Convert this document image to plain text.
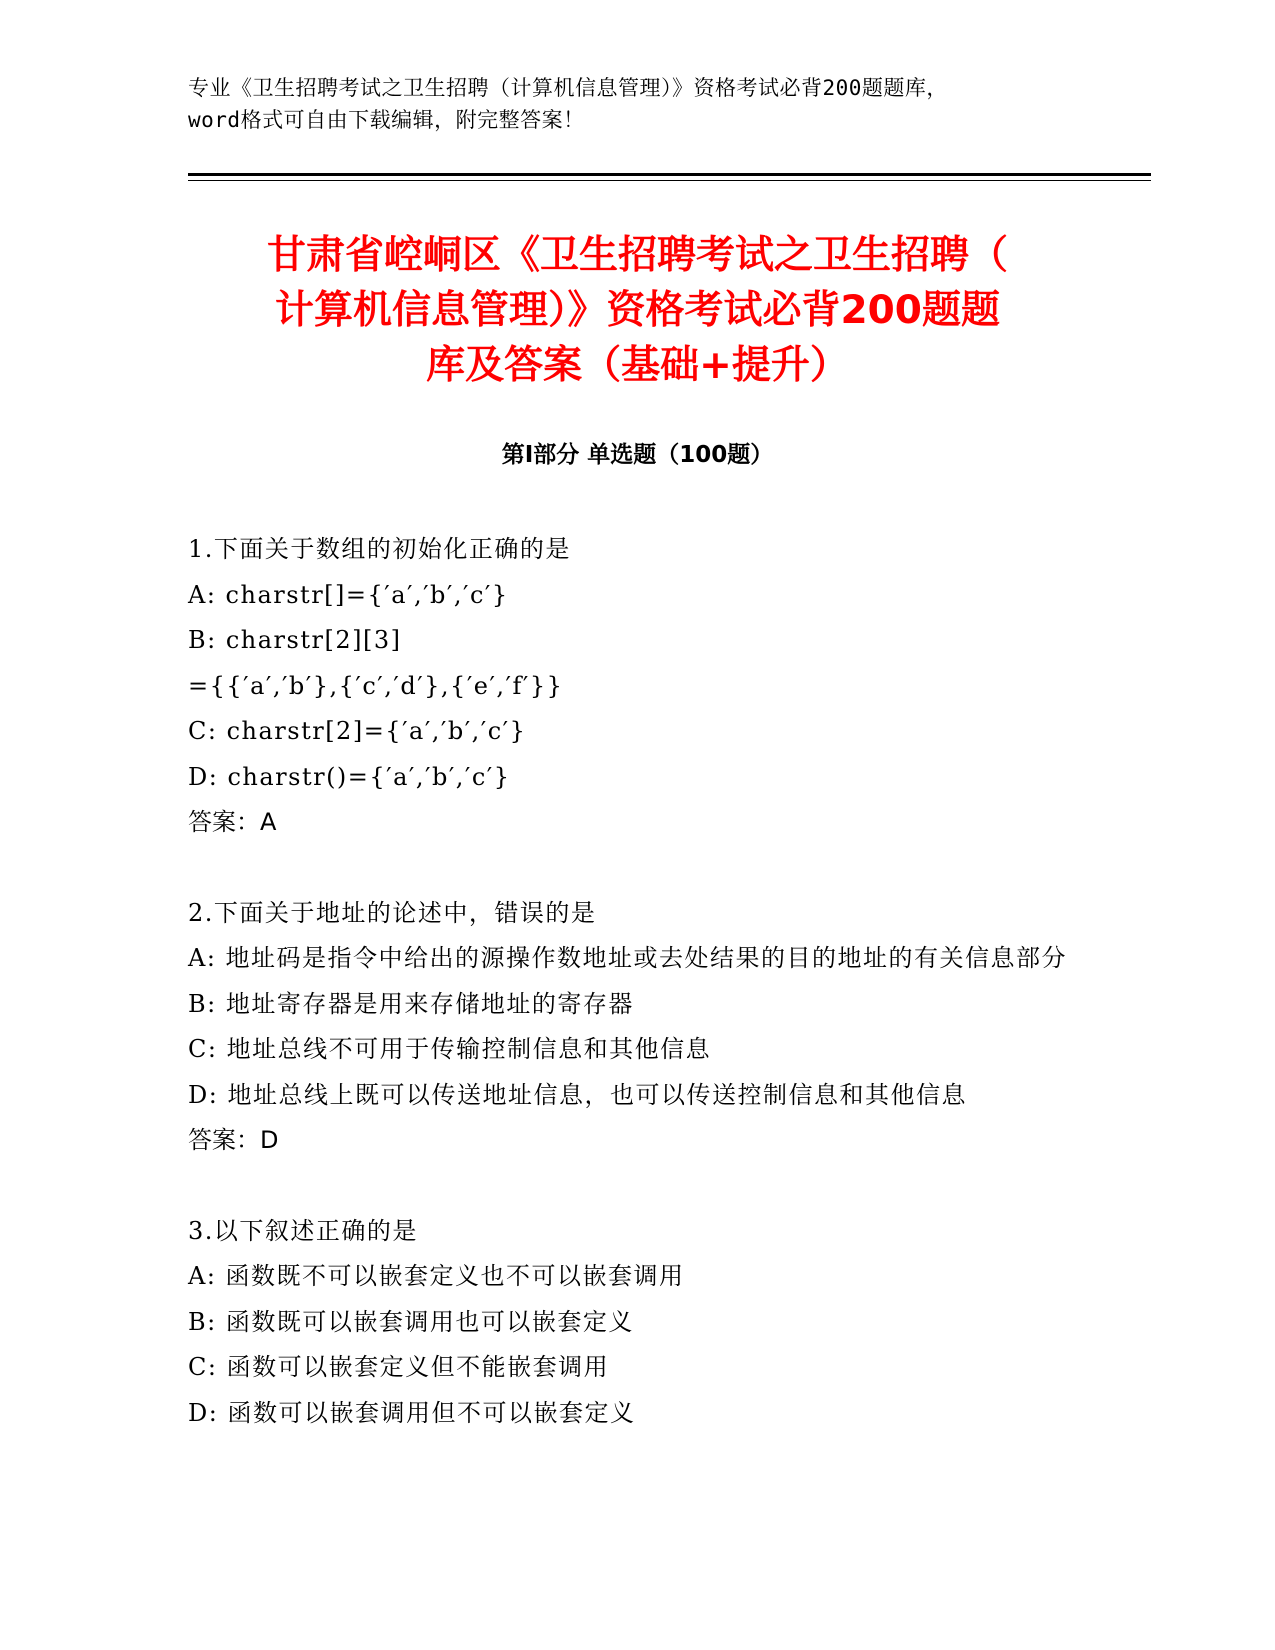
专业《卫生招聘考试之卫生招聘（计算机信息管理）》资格考试必背200题题库，
word格式可自由下载编辑，附完整答案！
甘肃省崆峒区《卫生招聘考试之卫生招聘（
计算机信息管理）》资格考试必背200题题
库及答案（基础+提升）
第Ⅰ部分 单选题（100题）
1.下面关于数组的初始化正确的是
A: charstr[]={′a′,′b′,′c′}
B: charstr[2][3]
={{′a′,′b′},{′c′,′d′},{′e′,′f′}}
C: charstr[2]={′a′,′b′,′c′}
D: charstr()={′a′,′b′,′c′}
答案：A
2.下面关于地址的论述中，错误的是
A: 地址码是指令中给出的源操作数地址或去处结果的目的地址的有关信息部分
B: 地址寄存器是用来存储地址的寄存器
C: 地址总线不可用于传输控制信息和其他信息
D: 地址总线上既可以传送地址信息，也可以传送控制信息和其他信息
答案：D
3.以下叙述正确的是
A: 函数既不可以嵌套定义也不可以嵌套调用
B: 函数既可以嵌套调用也可以嵌套定义
C: 函数可以嵌套定义但不能嵌套调用
D: 函数可以嵌套调用但不可以嵌套定义
